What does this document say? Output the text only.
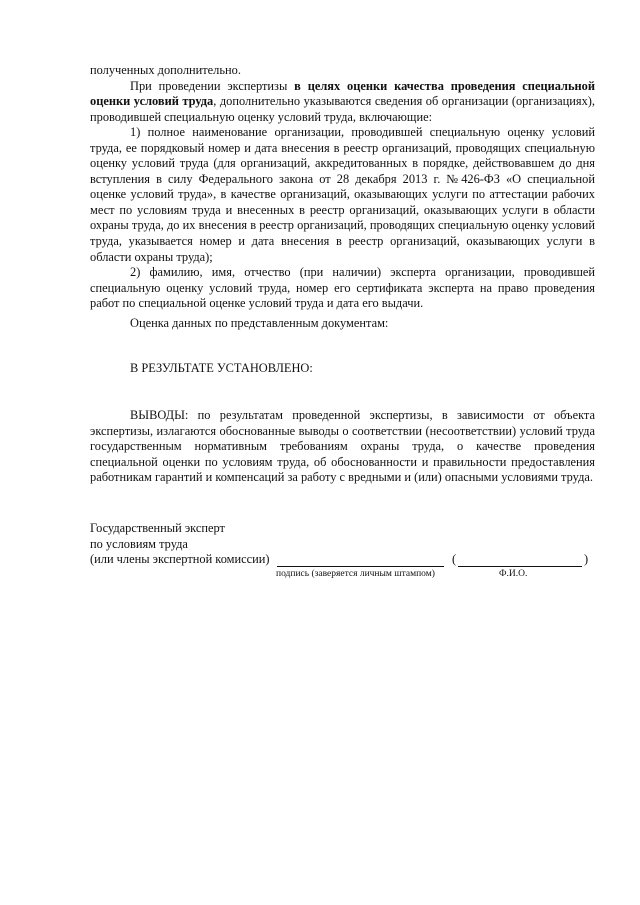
полученных дополнительно.

При проведении экспертизы в целях оценки качества проведения специальной оценки условий труда, дополнительно указываются сведения об организации (организациях), проводившей специальную оценку условий труда, включающие:

1) полное наименование организации, проводившей специальную оценку условий труда, ее порядковый номер и дата внесения в реестр организаций, проводящих специальную оценку условий труда (для организаций, аккредитованных в порядке, действовавшем до дня вступления в силу Федерального закона от 28 декабря 2013 г. №426-ФЗ «О специальной оценке условий труда», в качестве организаций, оказывающих услуги по аттестации рабочих мест по условиям труда и внесенных в реестр организаций, оказывающих услуги в области охраны труда, до их внесения в реестр организаций, проводящих специальную оценку условий труда, указывается номер и дата внесения в реестр организаций, оказывающих услуги в области охраны труда);

2) фамилию, имя, отчество (при наличии) эксперта организации, проводившей специальную оценку условий труда, номер его сертификата эксперта на право проведения работ по специальной оценке условий труда и дата его выдачи.

Оценка данных по представленным документам:

В РЕЗУЛЬТАТЕ УСТАНОВЛЕНО:

ВЫВОДЫ: по результатам проведенной экспертизы, в зависимости от объекта экспертизы, излагаются обоснованные выводы о соответствии (несоответствии) условий труда государственным нормативным требованиям охраны труда, о качестве проведения специальной оценки по условиям труда, об обоснованности и правильности предоставления работникам гарантий и компенсаций за работу с вредными и (или) опасными условиями труда.

Государственный эксперт
по условиям труда
(или члены экспертной комиссии)	(	)
подпись (заверяется личным штампом)	Ф.И.О.
